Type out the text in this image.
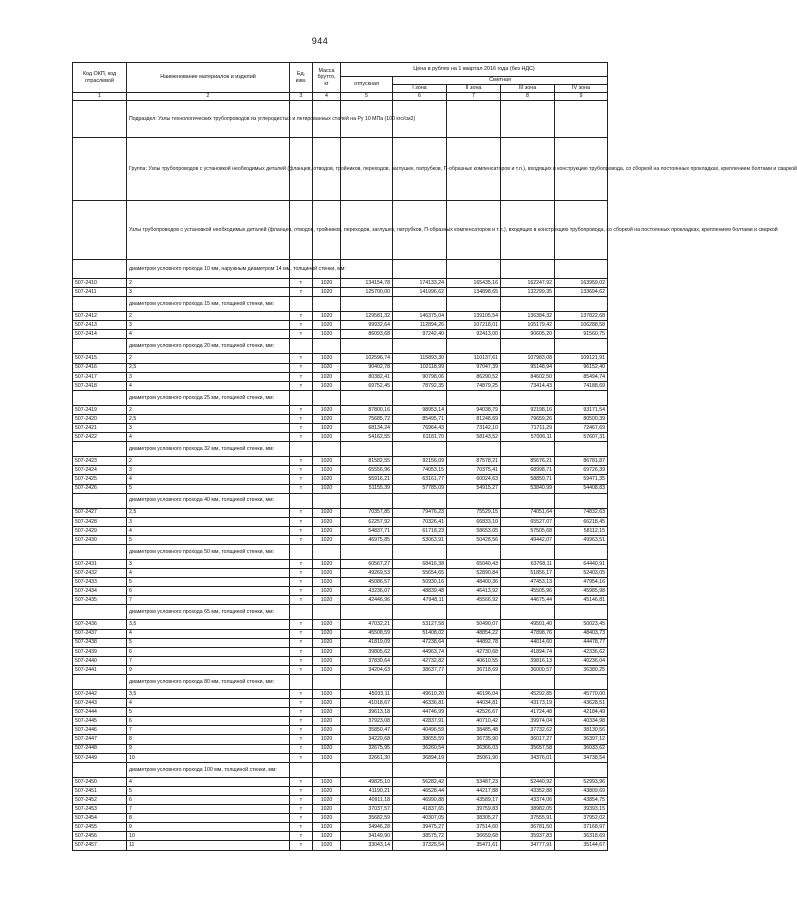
944
Код ОКП, код отраслевой	Наименование материалов и изделий	Ед. изм.	Масса брутто, кг	Цена в рублях на 1 квартал 2016 года (без НДС)				
				отпускная	Сметная			
					I зона	II зона	III зона	IV зона
1	2	3	4	5	6	7	8	9
	Подраздел: Узлы технологических трубопроводов из углеродистых и легированных сталей на Ру 10 МПа (100 кгс/см2)							
	Группа: Узлы трубопроводов с установкой необходимых деталей (фланцев, отводов, тройников, переходов, заглушек, патрубков, П-образных компенсаторов и т.п.), входящих в конструкцию трубопровода, со сборкой на постоянных прокладках, креплением болтами и сваркой							
	Узлы трубопроводов с установкой необходимых деталей (фланцев, отводов, тройников, переходов, заглушек, патрубков, П-образных компенсаторов и т.п.), входящих в конструкцию трубопровода, со сборкой на постоянных прокладках, креплением болтами и сваркой							
	диаметром условного прохода 10 мм, наружным диаметром 14 мм, толщиной стенки, мм:							
507-2410	2	т	1020	134154,78	174133,24	165435,16	162247,92	163959,02
507-2411	3	т	1020	125700,00	141996,62	134898,65	132299,35	133694,62
	диаметром условного прохода 15 мм, толщиной стенки, мм:							
507-2412	2	т	1020	129581,32	146375,04	139105,54	136384,32	137822,68
507-2413	3	т	1020	99932,64	112894,26	107218,01	105179,42	106288,58
507-2414	4	т	1020	86093,68	97242,40	92413,00	90605,20	91560,75
	диаметром условного прохода 20 мм, толщиной стенки, мм:							
507-2415	2	т	1020	102596,74	115893,30	110137,61	107983,08	109121,91
507-2416	2,5	т	1020	90402,78	102118,99	97047,39	95148,94	96152,40
507-2417	3	т	1020	80382,41	90798,06	86290,52	84602,50	85494,74
507-2418	4	т	1020	69752,45	78792,35	74879,25	73414,43	74188,69
	диаметром условного прохода 25 мм, толщиной стенки, мм:							
507-2419	2	т	1020	87800,16	98953,14	94038,79	92198,16	93171,54
507-2420	2,5	т	1020	75685,72	85495,71	81248,69	79659,26	80500,39
507-2421	3	т	1020	68134,24	76964,43	73142,10	71711,29	72467,69
507-2422	4	т	1020	54162,55	61181,70	58143,52	57006,11	57607,31
	диаметром условного прохода 32 мм, толщиной стенки, мм:							
507-2423	2	т	1020	81582,55	92156,09	87578,21	85676,21	86781,87
507-2424	3	т	1020	65556,96	74053,15	70375,41	68998,71	69726,39
507-2425	4	т	1020	55916,21	63161,77	60024,63	58850,71	59471,35
507-2426	5	т	1020	51155,39	57785,09	54915,27	53840,99	54408,83
	диаметром условного прохода 40 мм, толщиной стенки, мм:							
507-2427	2,5	т	1020	70357,85	79476,23	75529,15	74051,64	74832,63
507-2428	3	т	1020	62257,92	70326,41	66833,10	65527,07	66218,45
507-2429	4	т	1020	54837,71	61718,23	58653,05	57505,68	58112,15
507-2430	5	т	1020	46975,85	53063,91	50428,56	49442,07	49963,51
	диаметром условного прохода 50 мм, толщиной стенки, мм:							
507-2431	3	т	1020	60567,27	68416,38	65040,43	63768,11	64440,91
507-2432	4	т	1020	49269,53	55654,65	52890,84	51856,17	52403,05
507-2433	5	т	1020	45086,57	50930,16	48400,36	47453,13	47954,16
507-2434	6	т	1020	43236,07	48839,48	46413,92	45505,96	45985,98
507-2435	7	т	1020	42446,96	47948,11	45566,92	44675,44	45146,81
	диаметром условного прохода 65 мм, толщиной стенки, мм:							
507-2436	3,5	т	1020	47032,21	53127,58	50490,07	49501,40	50023,45
507-2437	4	т	1020	45508,59	51408,02	48854,22	47898,76	48403,73
507-2438	5	т	1020	41819,09	47238,64	44892,78	44014,60	44478,77
507-2439	6	т	1020	39805,62	44963,74	42730,68	41894,74	42336,62
507-2440	7	т	1020	37830,64	42732,82	40610,55	39816,13	40236,04
507-2441	9	т	1020	34204,63	38637,77	36718,69	36000,57	36380,25
	диаметром условного прохода 80 мм, толщиной стенки, мм:							
507-2442	3,5	т	1020	45033,11	49610,20	46196,04	45292,85	45770,00
507-2443	4	т	1020	41018,67	46336,81	44034,81	43173,19	43628,51
507-2444	5	т	1020	39613,18	44746,99	42526,67	41724,48	42184,49
507-2445	6	т	1020	37923,08	42837,91	40710,42	39974,04	40334,98
507-2446	7	т	1020	35850,47	40496,59	38485,48	37732,62	38130,56
507-2447	8	т	1020	34220,68	38655,59	36735,90	36017,27	36397,12
507-2448	9	т	1020	32675,95	36260,54	36366,03	35657,58	36033,62
507-2449	10	т	1020	32661,30	36894,19	35061,90	34376,01	34738,54
	диаметром условного прохода 100 мм, толщиной стенки, мм:							
507-2450	4	т	1020	49825,10	56282,42	53487,23	52440,92	52993,96
507-2451	5	т	1020	41190,21	46528,44	44217,88	43352,88	43809,69
507-2452	6	т	1020	40911,18	46990,88	43589,17	43374,06	43854,75
507-2453	7	т	1020	37037,57	41837,65	39759,83	38982,05	39393,15
507-2454	8	т	1020	35682,59	40307,05	38305,27	37555,91	37952,02
507-2455	9	т	1020	34946,28	39475,27	37514,60	36781,50	37168,97
507-2456	10	т	1020	34149,90	38575,72	36659,68	35937,83	36318,69
507-2457	11	т	1020	33043,14	37325,54	35471,61	34777,91	35144,67
